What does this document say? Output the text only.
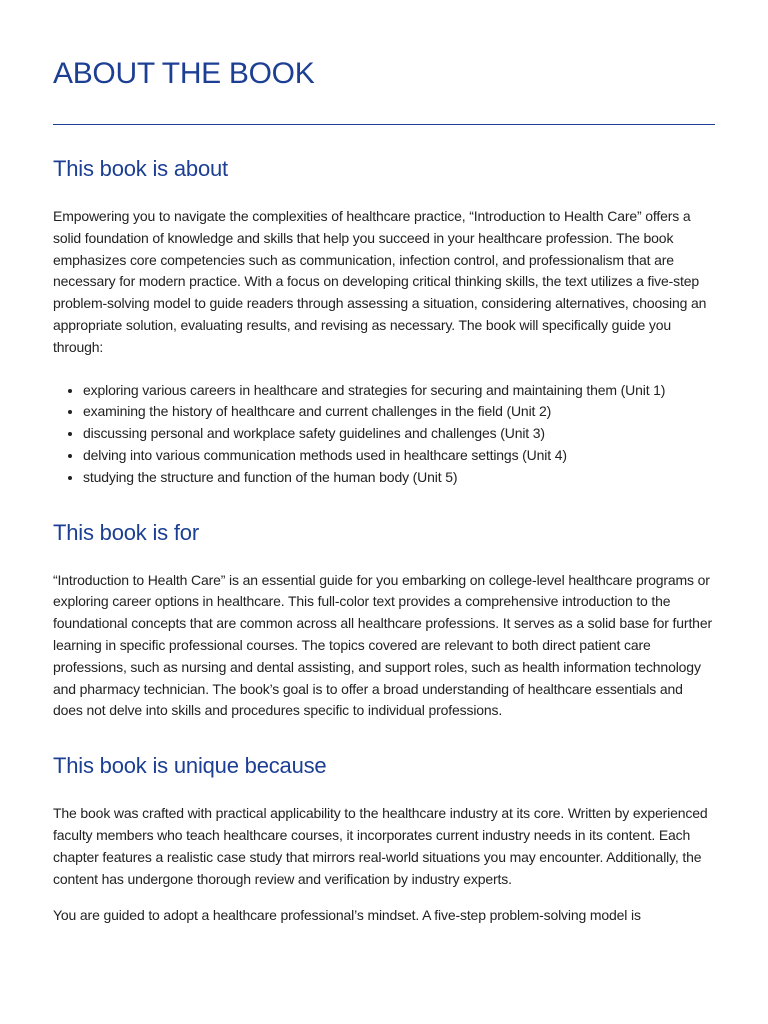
ABOUT THE BOOK
This book is about

Empowering you to navigate the complexities of healthcare practice, “Introduction to Health Care” offers a solid foundation of knowledge and skills that help you succeed in your healthcare profession. The book emphasizes core competencies such as communication, infection control, and professionalism that are necessary for modern practice. With a focus on developing critical thinking skills, the text utilizes a five-step problem-solving model to guide readers through assessing a situation, considering alternatives, choosing an appropriate solution, evaluating results, and revising as necessary. The book will specifically guide you through:

• exploring various careers in healthcare and strategies for securing and maintaining them (Unit 1)
• examining the history of healthcare and current challenges in the field (Unit 2)
• discussing personal and workplace safety guidelines and challenges (Unit 3)
• delving into various communication methods used in healthcare settings (Unit 4)
• studying the structure and function of the human body (Unit 5)
This book is for

“Introduction to Health Care” is an essential guide for you embarking on college-level healthcare programs or exploring career options in healthcare. This full-color text provides a comprehensive introduction to the foundational concepts that are common across all healthcare professions. It serves as a solid base for further learning in specific professional courses. The topics covered are relevant to both direct patient care professions, such as nursing and dental assisting, and support roles, such as health information technology and pharmacy technician. The book’s goal is to offer a broad understanding of healthcare essentials and does not delve into skills and procedures specific to individual professions.

This book is unique because

The book was crafted with practical applicability to the healthcare industry at its core. Written by experienced faculty members who teach healthcare courses, it incorporates current industry needs in its content. Each chapter features a realistic case study that mirrors real-world situations you may encounter. Additionally, the content has undergone thorough review and verification by industry experts.

You are guided to adopt a healthcare professional’s mindset. A five-step problem-solving model is
